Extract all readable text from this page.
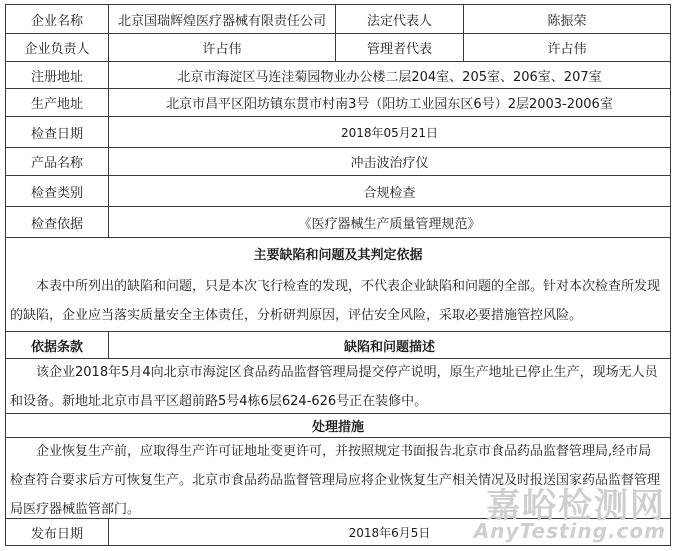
企业名称	北京国瑞辉煌医疗器械有限责任公司	法定代表人	陈振荣
企业负责人	许占伟	管理者代表	许占伟
注册地址	北京市海淀区马连洼菊园物业办公楼二层204室、205室、206室、207室
生产地址	北京市昌平区阳坊镇东贯市村南3号（阳坊工业园东区6号）2层2003-2006室
检查日期	2018年05月21日
产品名称	冲击波治疗仪
检查类别	合规检查
检查依据	《医疗器械生产质量管理规范》
主要缺陷和问题及其判定依据
本表中所列出的缺陷和问题，只是本次飞行检查的发现，不代表企业缺陷和问题的全部。针对本次检查所发现的缺陷，企业应当落实质量安全主体责任，分析研判原因，评估安全风险，采取必要措施管控风险。
依据条款	缺陷和问题描述
该企业2018年5月4向北京市海淀区食品药品监督管理局提交停产说明，原生产地址已停止生产，现场无人员和设备。新地址北京市昌平区超前路5号4栋6层624-626号正在装修中。
处理措施
企业恢复生产前，应取得生产许可证地址变更许可，并按照规定书面报告北京市食品药品监督管理局,经市局检查符合要求后方可恢复生产。北京市食品药品监督管理局应将企业恢复生产相关情况及时报送国家药品监督管理局医疗器械监管部门。
发布日期	2018年6月5日
嘉峪检测网
AnyTesting.com
